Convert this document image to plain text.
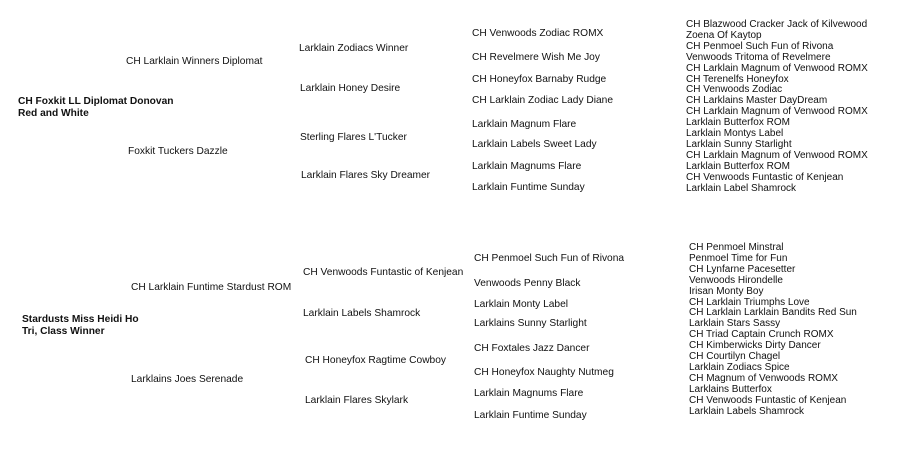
CH Foxkit LL Diplomat Donovan
Red and White
CH Larklain Winners Diplomat
Foxkit Tuckers Dazzle
Larklain Zodiacs Winner
Larklain Honey Desire
Sterling Flares L'Tucker
Larklain Flares Sky Dreamer
CH Venwoods Zodiac ROMX
CH Revelmere Wish Me Joy
CH Honeyfox Barnaby Rudge
CH Larklain Zodiac Lady Diane
Larklain Magnum Flare
Larklain Labels Sweet Lady
Larklain Magnums Flare
Larklain Funtime Sunday
CH Blazwood Cracker Jack of Kilvewood
Zoena Of Kaytop
CH Penmoel Such Fun of Rivona
Venwoods Tritoma of Revelmere
CH Larklain Magnum of Venwood ROMX
CH Terenelfs Honeyfox
CH Venwoods Zodiac
CH Larklains Master DayDream
CH Larklain Magnum of Venwood ROMX
Larklain Butterfox ROM
Larklain Montys Label
Larklain Sunny Starlight
CH Larklain Magnum of Venwood ROMX
Larklain Butterfox ROM
CH Venwoods Funtastic of Kenjean
Larklain Label Shamrock
Stardusts Miss Heidi Ho
Tri, Class Winner
CH Larklain Funtime Stardust ROM
Larklains Joes Serenade
CH Venwoods Funtastic of Kenjean
Larklain Labels Shamrock
CH Honeyfox Ragtime Cowboy
Larklain Flares Skylark
CH Penmoel Such Fun of Rivona
Venwoods Penny Black
Larklain Monty Label
Larklains Sunny Starlight
CH Foxtales Jazz Dancer
CH Honeyfox Naughty Nutmeg
Larklain Magnums Flare
Larklain Funtime Sunday
CH Penmoel Minstral
Penmoel Time for Fun
CH Lynfarne Pacesetter
Venwoods Hirondelle
Irisan Monty Boy
CH Larklain Triumphs Love
CH Larklain Larklain Bandits Red Sun
Larklain Stars Sassy
CH Triad Captain Crunch ROMX
CH Kimberwicks Dirty Dancer
CH Courtilyn Chagel
Larklain Zodiacs Spice
CH Magnum of Venwoods ROMX
Larklains Butterfox
CH Venwoods Funtastic of Kenjean
Larklain Labels Shamrock
